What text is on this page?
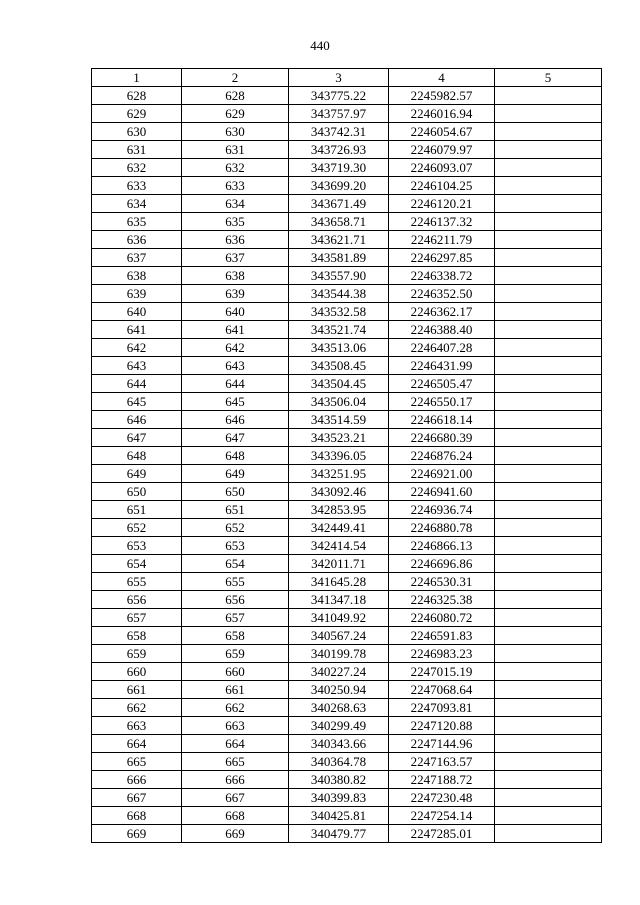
440
1	2	3	4	5
628	628	343775.22	2245982.57	
629	629	343757.97	2246016.94	
630	630	343742.31	2246054.67	
631	631	343726.93	2246079.97	
632	632	343719.30	2246093.07	
633	633	343699.20	2246104.25	
634	634	343671.49	2246120.21	
635	635	343658.71	2246137.32	
636	636	343621.71	2246211.79	
637	637	343581.89	2246297.85	
638	638	343557.90	2246338.72	
639	639	343544.38	2246352.50	
640	640	343532.58	2246362.17	
641	641	343521.74	2246388.40	
642	642	343513.06	2246407.28	
643	643	343508.45	2246431.99	
644	644	343504.45	2246505.47	
645	645	343506.04	2246550.17	
646	646	343514.59	2246618.14	
647	647	343523.21	2246680.39	
648	648	343396.05	2246876.24	
649	649	343251.95	2246921.00	
650	650	343092.46	2246941.60	
651	651	342853.95	2246936.74	
652	652	342449.41	2246880.78	
653	653	342414.54	2246866.13	
654	654	342011.71	2246696.86	
655	655	341645.28	2246530.31	
656	656	341347.18	2246325.38	
657	657	341049.92	2246080.72	
658	658	340567.24	2246591.83	
659	659	340199.78	2246983.23	
660	660	340227.24	2247015.19	
661	661	340250.94	2247068.64	
662	662	340268.63	2247093.81	
663	663	340299.49	2247120.88	
664	664	340343.66	2247144.96	
665	665	340364.78	2247163.57	
666	666	340380.82	2247188.72	
667	667	340399.83	2247230.48	
668	668	340425.81	2247254.14	
669	669	340479.77	2247285.01	
